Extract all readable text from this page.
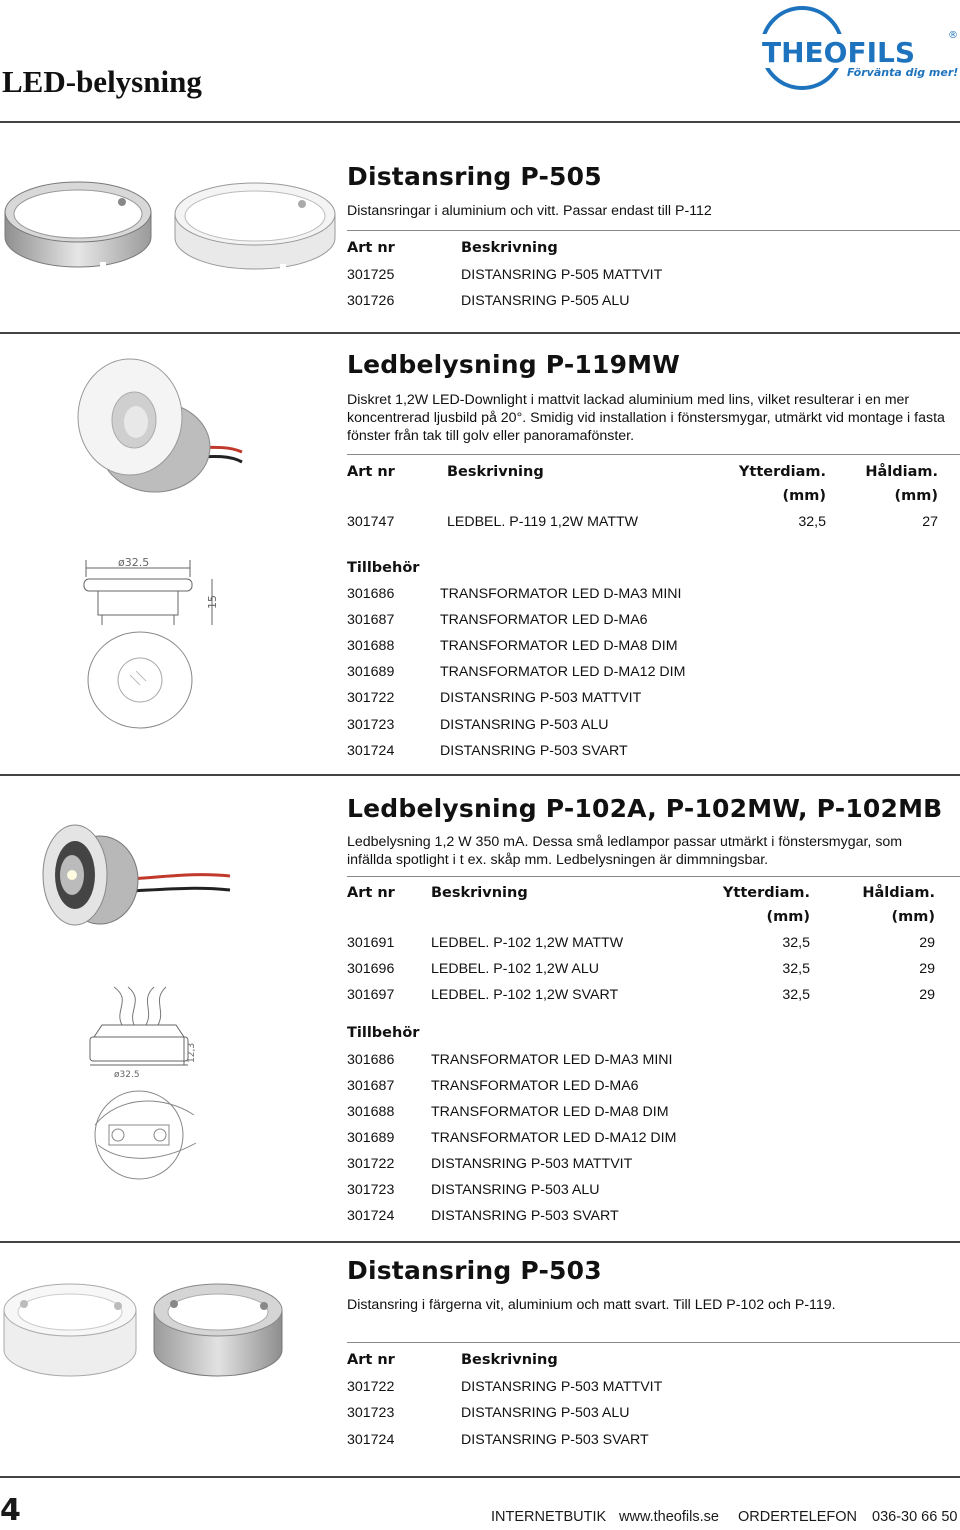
LED-belysning
THEOFILS
Förvänta dig mer!
®
Distansring P-505
Distansringar i aluminium och vitt. Passar endast till P-112
Art nr	Beskrivning
301725	DISTANSRING P-505 MATTVIT
301726	DISTANSRING P-505 ALU
Ledbelysning P-119MW
Diskret 1,2W LED-Downlight i mattvit lackad aluminium med lins, vilket resulterar i en mer koncentrerad ljusbild på 20°. Smidig vid installation i fönstersmygar, utmärkt vid montage i fasta fönster från tak till golv eller panoramafönster.
Art nr	Beskrivning	Ytterdiam.	Håldiam.
(mm)	(mm)
301747	LEDBEL. P-119 1,2W MATTW	32,5	27
ø32.5
15
Tillbehör
301686	TRANSFORMATOR LED D-MA3 MINI
301687	TRANSFORMATOR LED D-MA6
301688	TRANSFORMATOR LED D-MA8 DIM
301689	TRANSFORMATOR LED D-MA12 DIM
301722	DISTANSRING P-503 MATTVIT
301723	DISTANSRING P-503 ALU
301724	DISTANSRING P-503 SVART
Ledbelysning P-102A, P-102MW, P-102MB
Ledbelysning 1,2 W 350 mA. Dessa små ledlampor passar utmärkt i fönstersmygar, som infällda spotlight i t ex. skåp mm. Ledbelysningen är dimmningsbar.
Art nr Beskrivning	Ytterdiam.	Håldiam.
(mm)	(mm)
301691	LEDBEL. P-102 1,2W MATTW	32,5	29
301696	LEDBEL. P-102 1,2W ALU	32,5	29
301697	LEDBEL. P-102 1,2W SVART	32,5	29
ø32.5
12,3
Tillbehör
301686	TRANSFORMATOR LED D-MA3 MINI
301687	TRANSFORMATOR LED D-MA6
301688	TRANSFORMATOR LED D-MA8 DIM
301689	TRANSFORMATOR LED D-MA12 DIM
301722	DISTANSRING P-503 MATTVIT
301723	DISTANSRING P-503 ALU
301724	DISTANSRING P-503 SVART
Distansring P-503
Distansring i färgerna vit, aluminium och matt svart. Till LED P-102 och P-119.
Art nr	Beskrivning
301722	DISTANSRING P-503 MATTVIT
301723	DISTANSRING P-503 ALU
301724	DISTANSRING P-503 SVART
4	INTERNETBUTIK www.theofils.se ORDERTELEFON 036-30 66 50
